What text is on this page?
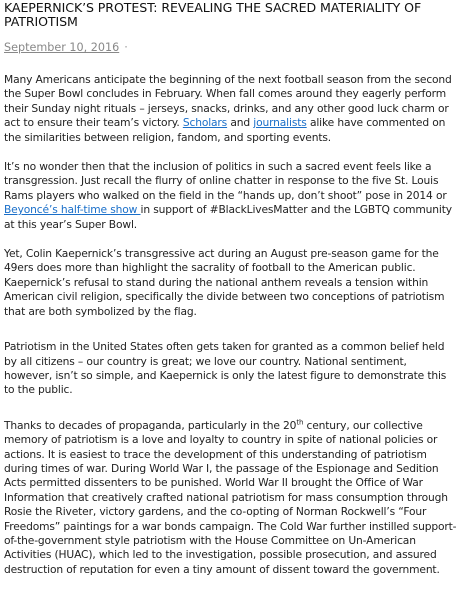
KAEPERNICK’S PROTEST: REVEALING THE SACRED MATERIALITY OF PATRIOTISM
September 10, 2016 ·

Many Americans anticipate the beginning of the next football season from the second the Super Bowl concludes in February. When fall comes around they eagerly perform their Sunday night rituals – jerseys, snacks, drinks, and any other good luck charm or act to ensure their team’s victory. Scholars and journalists alike have commented on the similarities between religion, fandom, and sporting events.

It’s no wonder then that the inclusion of politics in such a sacred event feels like a transgression. Just recall the flurry of online chatter in response to the five St. Louis Rams players who walked on the field in the “hands up, don’t shoot” pose in 2014 or Beyoncé’s half-time show in support of #BlackLivesMatter and the LGBTQ community at this year’s Super Bowl.

Yet, Colin Kaepernick’s transgressive act during an August pre-season game for the 49ers does more than highlight the sacrality of football to the American public. Kaepernick’s refusal to stand during the national anthem reveals a tension within American civil religion, specifically the divide between two conceptions of patriotism that are both symbolized by the flag.

Patriotism in the United States often gets taken for granted as a common belief held by all citizens – our country is great; we love our country. National sentiment, however, isn’t so simple, and Kaepernick is only the latest figure to demonstrate this to the public.

Thanks to decades of propaganda, particularly in the 20th century, our collective memory of patriotism is a love and loyalty to country in spite of national policies or actions. It is easiest to trace the development of this understanding of patriotism during times of war. During World War I, the passage of the Espionage and Sedition Acts permitted dissenters to be punished. World War II brought the Office of War Information that creatively crafted national patriotism for mass consumption through Rosie the Riveter, victory gardens, and the co-opting of Norman Rockwell’s “Four Freedoms” paintings for a war bonds campaign. The Cold War further instilled support-of-the-government style patriotism with the House Committee on Un-American Activities (HUAC), which led to the investigation, possible prosecution, and assured destruction of reputation for even a tiny amount of dissent toward the government.
